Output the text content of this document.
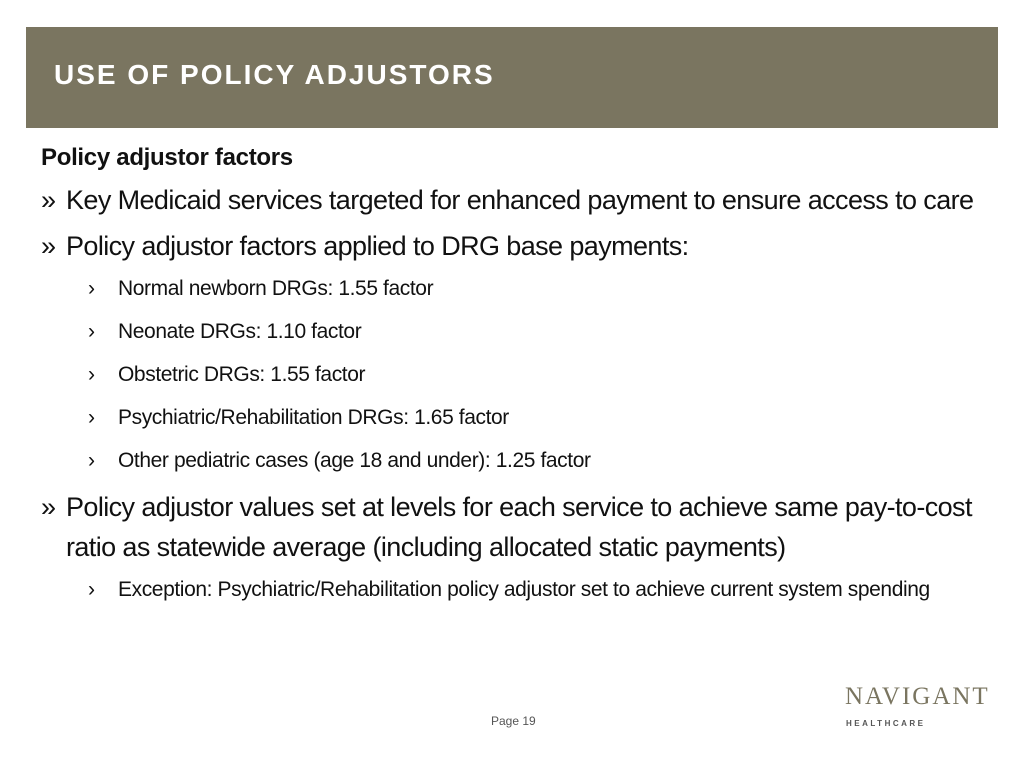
USE OF POLICY ADJUSTORS
Policy adjustor factors
» Key Medicaid services targeted for enhanced payment to ensure access to care
» Policy adjustor factors applied to DRG base payments:
› Normal newborn DRGs: 1.55 factor
› Neonate DRGs: 1.10 factor
› Obstetric DRGs: 1.55 factor
› Psychiatric/Rehabilitation DRGs: 1.65 factor
› Other pediatric cases (age 18 and under): 1.25 factor
» Policy adjustor values set at levels for each service to achieve same pay-to-cost ratio as statewide average (including allocated static payments)
› Exception: Psychiatric/Rehabilitation policy adjustor set to achieve current system spending
Page 19
NAVIGANT
HEALTHCARE
